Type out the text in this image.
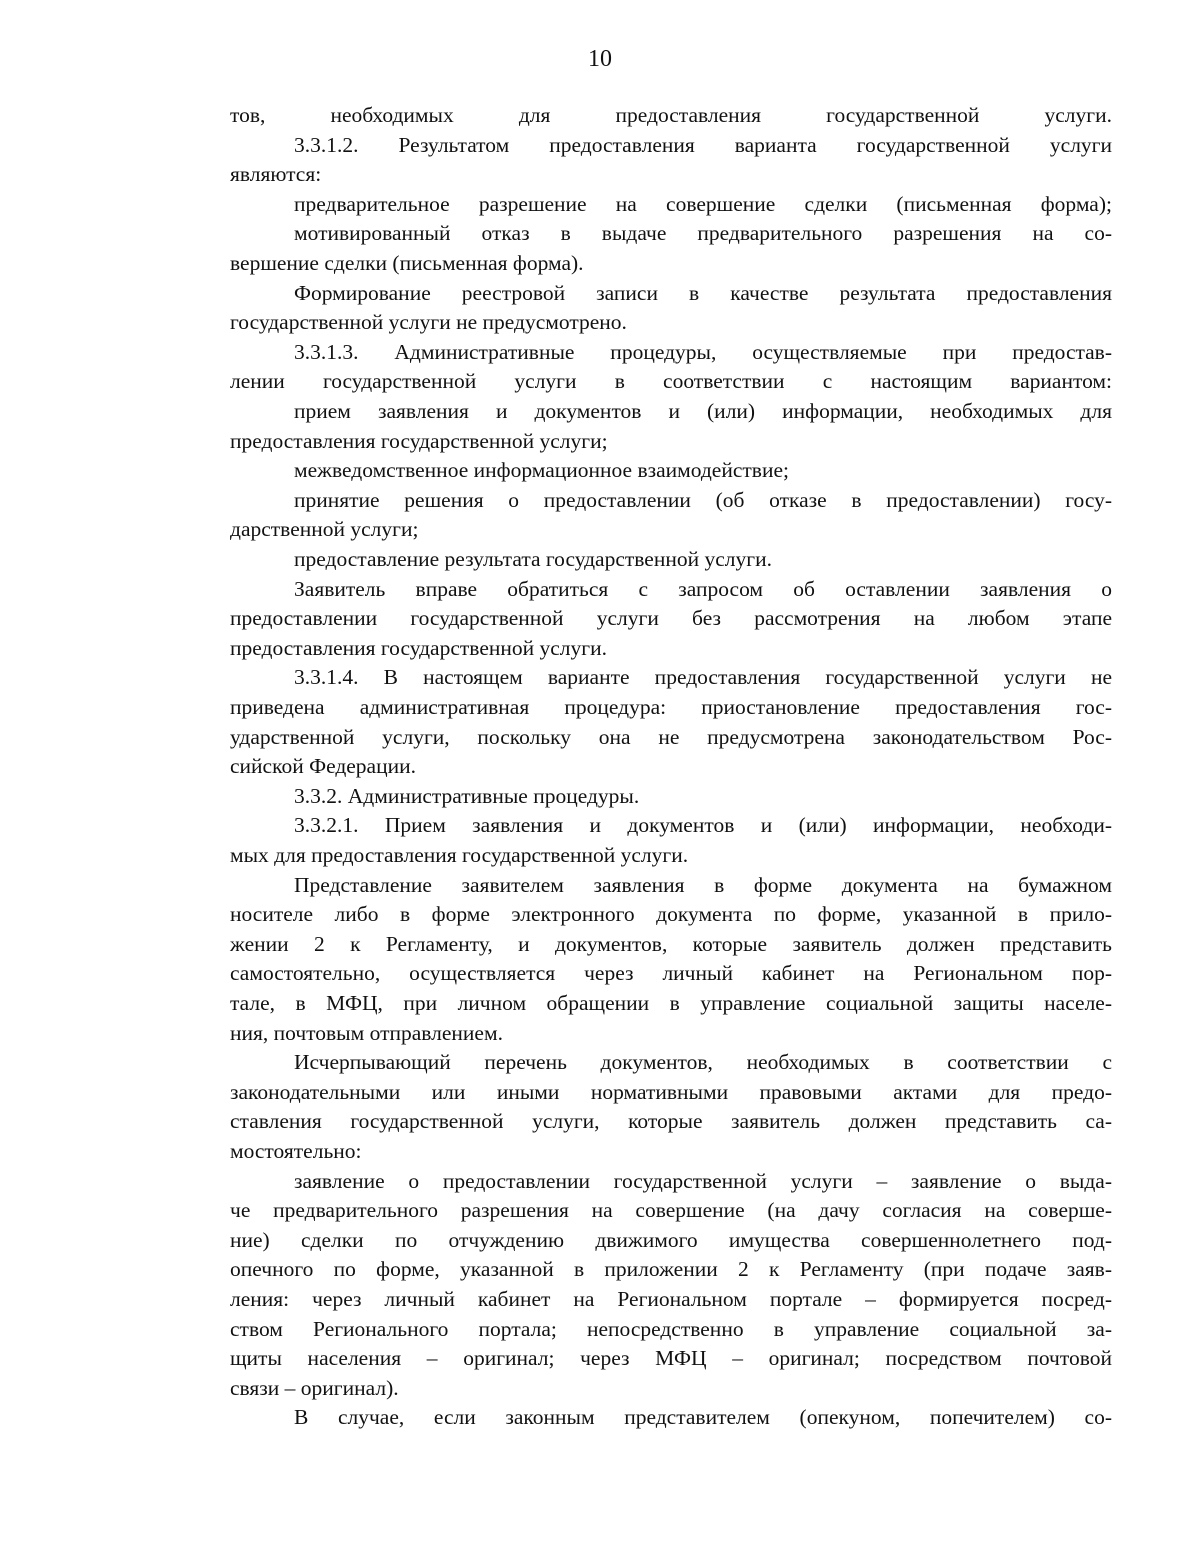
10
тов, необходимых для предоставления государственной услуги.
3.3.1.2. Результатом предоставления варианта государственной услуги
являются:
предварительное разрешение на совершение сделки (письменная форма);
мотивированный отказ в выдаче предварительного разрешения на со-
вершение сделки (письменная форма).
Формирование реестровой записи в качестве результата предоставления
государственной услуги не предусмотрено.
3.3.1.3. Административные процедуры, осуществляемые при предостав-
лении государственной услуги в соответствии с настоящим вариантом:
прием заявления и документов и (или) информации, необходимых для
предоставления государственной услуги;
межведомственное информационное взаимодействие;
принятие решения о предоставлении (об отказе в предоставлении) госу-
дарственной услуги;
предоставление результата государственной услуги.
Заявитель вправе обратиться с запросом об оставлении заявления о
предоставлении государственной услуги без рассмотрения на любом этапе
предоставления государственной услуги.
3.3.1.4. В настоящем варианте предоставления государственной услуги не
приведена административная процедура: приостановление предоставления гос-
ударственной услуги, поскольку она не предусмотрена законодательством Рос-
сийской Федерации.
3.3.2. Административные процедуры.
3.3.2.1. Прием заявления и документов и (или) информации, необходи-
мых для предоставления государственной услуги.
Представление заявителем заявления в форме документа на бумажном
носителе либо в форме электронного документа по форме, указанной в прило-
жении 2 к Регламенту, и документов, которые заявитель должен представить
самостоятельно, осуществляется через личный кабинет на Региональном пор-
тале, в МФЦ, при личном обращении в управление социальной защиты населе-
ния, почтовым отправлением.
Исчерпывающий перечень документов, необходимых в соответствии с
законодательными или иными нормативными правовыми актами для предо-
ставления государственной услуги, которые заявитель должен представить са-
мостоятельно:
заявление о предоставлении государственной услуги – заявление о выда-
че предварительного разрешения на совершение (на дачу согласия на соверше-
ние) сделки по отчуждению движимого имущества совершеннолетнего под-
опечного по форме, указанной в приложении 2 к Регламенту (при подаче заяв-
ления: через личный кабинет на Региональном портале – формируется посред-
ством Регионального портала; непосредственно в управление социальной за-
щиты населения – оригинал; через МФЦ – оригинал; посредством почтовой
связи – оригинал).
В случае, если законным представителем (опекуном, попечителем) со-
